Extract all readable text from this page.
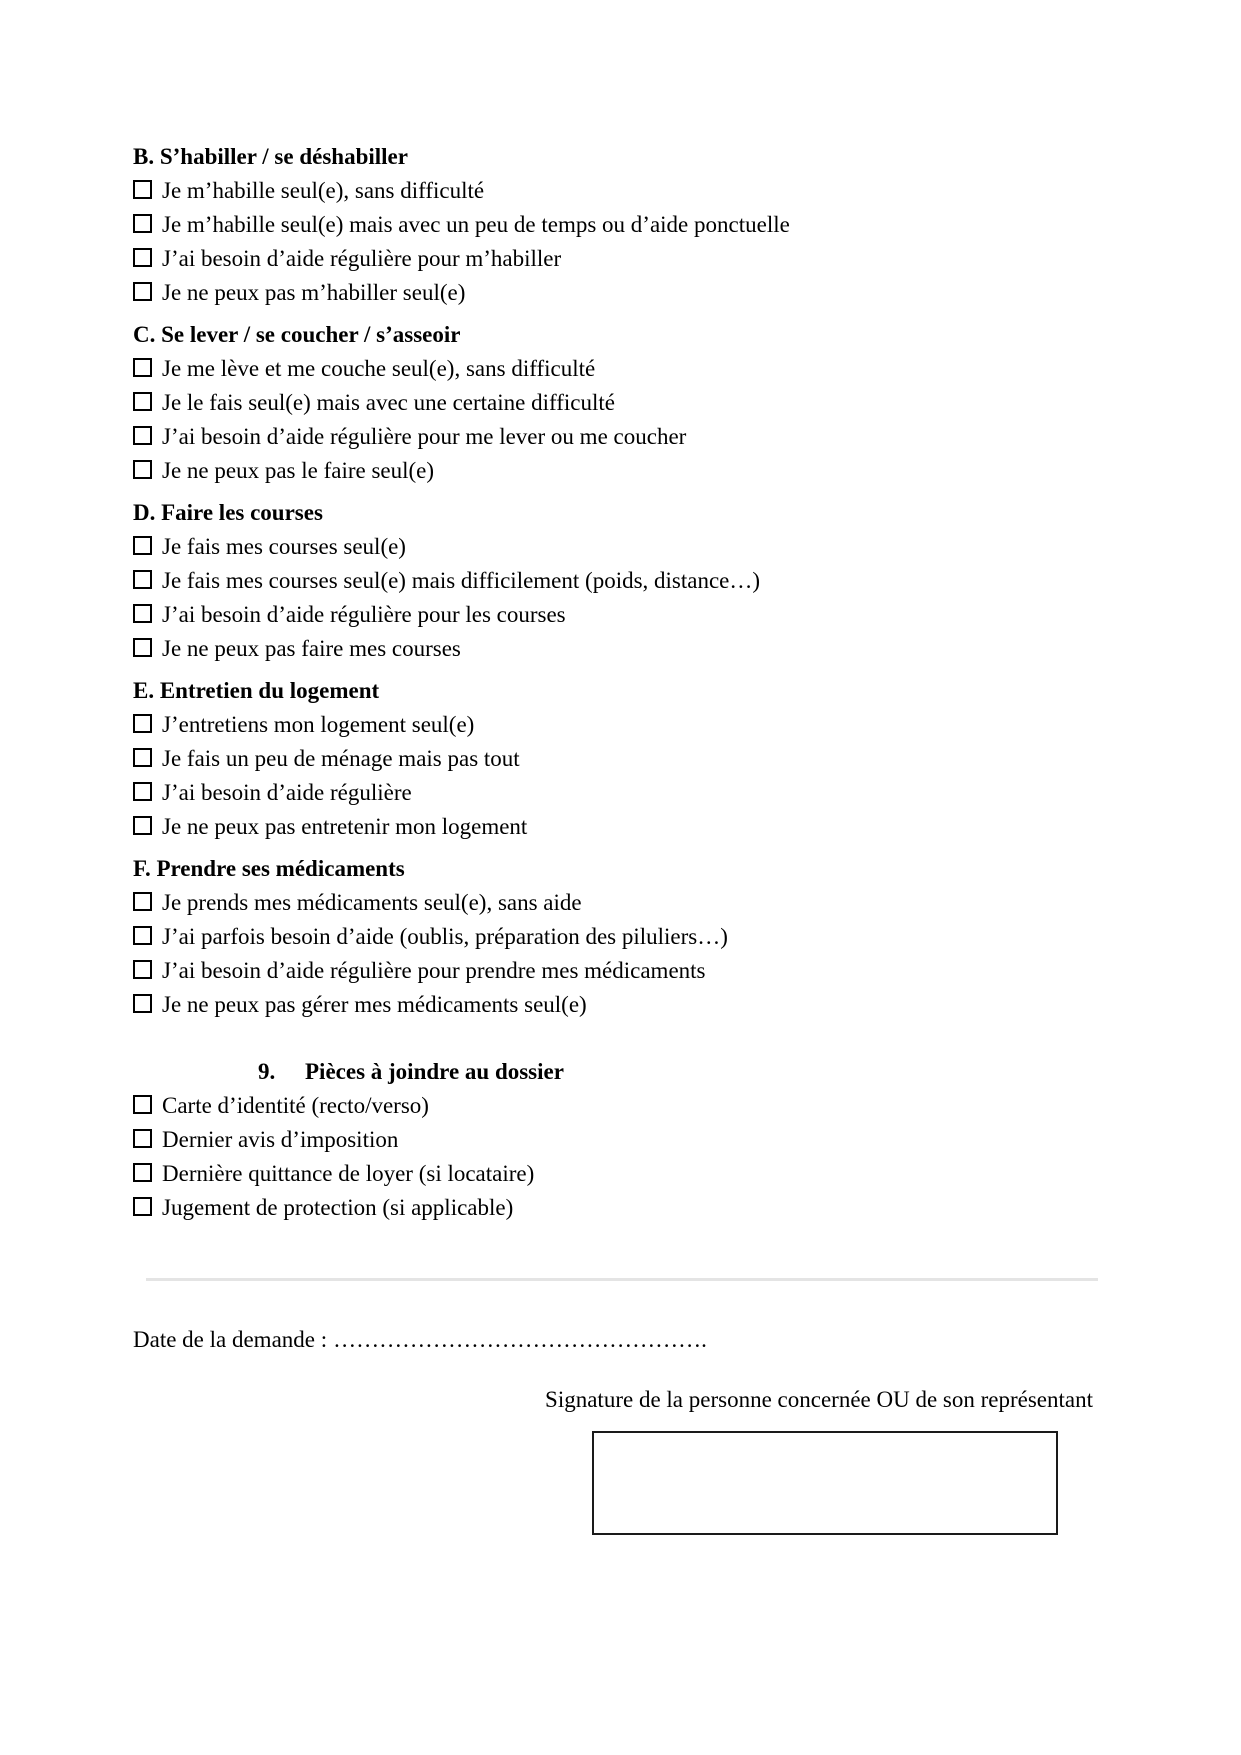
B. S’habiller / se déshabiller
Je m’habille seul(e), sans difficulté
Je m’habille seul(e) mais avec un peu de temps ou d’aide ponctuelle
J’ai besoin d’aide régulière pour m’habiller
Je ne peux pas m’habiller seul(e)
C. Se lever / se coucher / s’asseoir
Je me lève et me couche seul(e), sans difficulté
Je le fais seul(e) mais avec une certaine difficulté
J’ai besoin d’aide régulière pour me lever ou me coucher
Je ne peux pas le faire seul(e)
D. Faire les courses
Je fais mes courses seul(e)
Je fais mes courses seul(e) mais difficilement (poids, distance…)
J’ai besoin d’aide régulière pour les courses
Je ne peux pas faire mes courses
E. Entretien du logement
J’entretiens mon logement seul(e)
Je fais un peu de ménage mais pas tout
J’ai besoin d’aide régulière
Je ne peux pas entretenir mon logement
F. Prendre ses médicaments
Je prends mes médicaments seul(e), sans aide
J’ai parfois besoin d’aide (oublis, préparation des piluliers…)
J’ai besoin d’aide régulière pour prendre mes médicaments
Je ne peux pas gérer mes médicaments seul(e)
9. Pièces à joindre au dossier
Carte d’identité (recto/verso)
Dernier avis d’imposition
Dernière quittance de loyer (si locataire)
Jugement de protection (si applicable)
Date de la demande : ………………………………………….
Signature de la personne concernée OU de son représentant
